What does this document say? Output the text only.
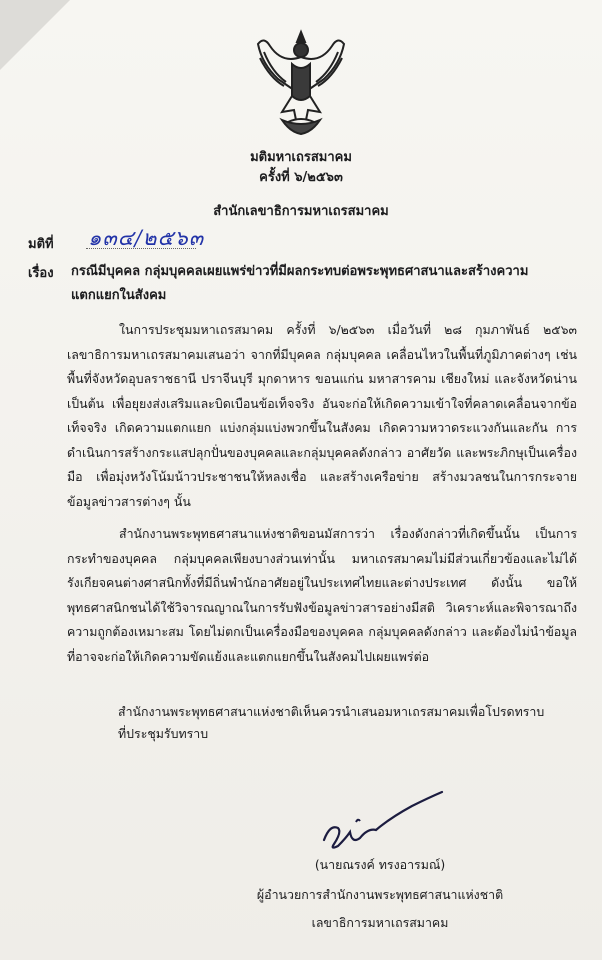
มติมหาเถรสมาคม
ครั้งที่ ๖/๒๕๖๓
สำนักเลขาธิการมหาเถรสมาคม
มติที่ ๑๓๔/๒๕๖๓
เรื่อง กรณีมีบุคคล กลุ่มบุคคลเผยแพร่ข่าวที่มีผลกระทบต่อพระพุทธศาสนาและสร้างความแตกแยกในสังคม
ในการประชุมมหาเถรสมาคม ครั้งที่ ๖/๒๕๖๓ เมื่อวันที่ ๒๘ กุมภาพันธ์ ๒๕๖๓ เลขาธิการมหาเถรสมาคมเสนอว่า จากที่มีบุคคล กลุ่มบุคคล เคลื่อนไหวในพื้นที่ภูมิภาคต่างๆ เช่น พื้นที่จังหวัดอุบลราชธานี ปราจีนบุรี มุกดาหาร ขอนแก่น มหาสารคาม เชียงใหม่ และจังหวัดน่าน เป็นต้น เพื่อยุยงส่งเสริมและบิดเบือนข้อเท็จจริง อันจะก่อให้เกิดความเข้าใจที่คลาดเคลื่อนจากข้อเท็จจริง เกิดความแตกแยก แบ่งกลุ่มแบ่งพวกขึ้นในสังคม เกิดความหวาดระแวงกันและกัน การดำเนินการสร้างกระแสปลุกปั่นของบุคคลและกลุ่มบุคคลดังกล่าว อาศัยวัด และพระภิกษุเป็นเครื่องมือ เพื่อมุ่งหวังโน้มน้าวประชาชนให้หลงเชื่อ และสร้างเครือข่าย สร้างมวลชนในการกระจายข้อมูลข่าวสารต่างๆ นั้น
สำนักงานพระพุทธศาสนาแห่งชาติขอนมัสการว่า เรื่องดังกล่าวที่เกิดขึ้นนั้น เป็นการกระทำของบุคคล กลุ่มบุคคลเพียงบางส่วนเท่านั้น มหาเถรสมาคมไม่มีส่วนเกี่ยวข้องและไม่ได้รังเกียจคนต่างศาสนิกทั้งที่มีถิ่นพำนักอาศัยอยู่ในประเทศไทยและต่างประเทศ ดังนั้น ขอให้พุทธศาสนิกชนได้ใช้วิจารณญาณในการรับฟังข้อมูลข่าวสารอย่างมีสติ วิเคราะห์และพิจารณาถึงความถูกต้องเหมาะสม โดยไม่ตกเป็นเครื่องมือของบุคคล กลุ่มบุคคลดังกล่าว และต้องไม่นำข้อมูลที่อาจจะก่อให้เกิดความขัดแย้งและแตกแยกขึ้นในสังคมไปเผยแพร่ต่อ
สำนักงานพระพุทธศาสนาแห่งชาติเห็นควรนำเสนอมหาเถรสมาคมเพื่อโปรดทราบ
ที่ประชุมรับทราบ
(นายณรงค์ ทรงอารมณ์)
ผู้อำนวยการสำนักงานพระพุทธศาสนาแห่งชาติ
เลขาธิการมหาเถรสมาคม
